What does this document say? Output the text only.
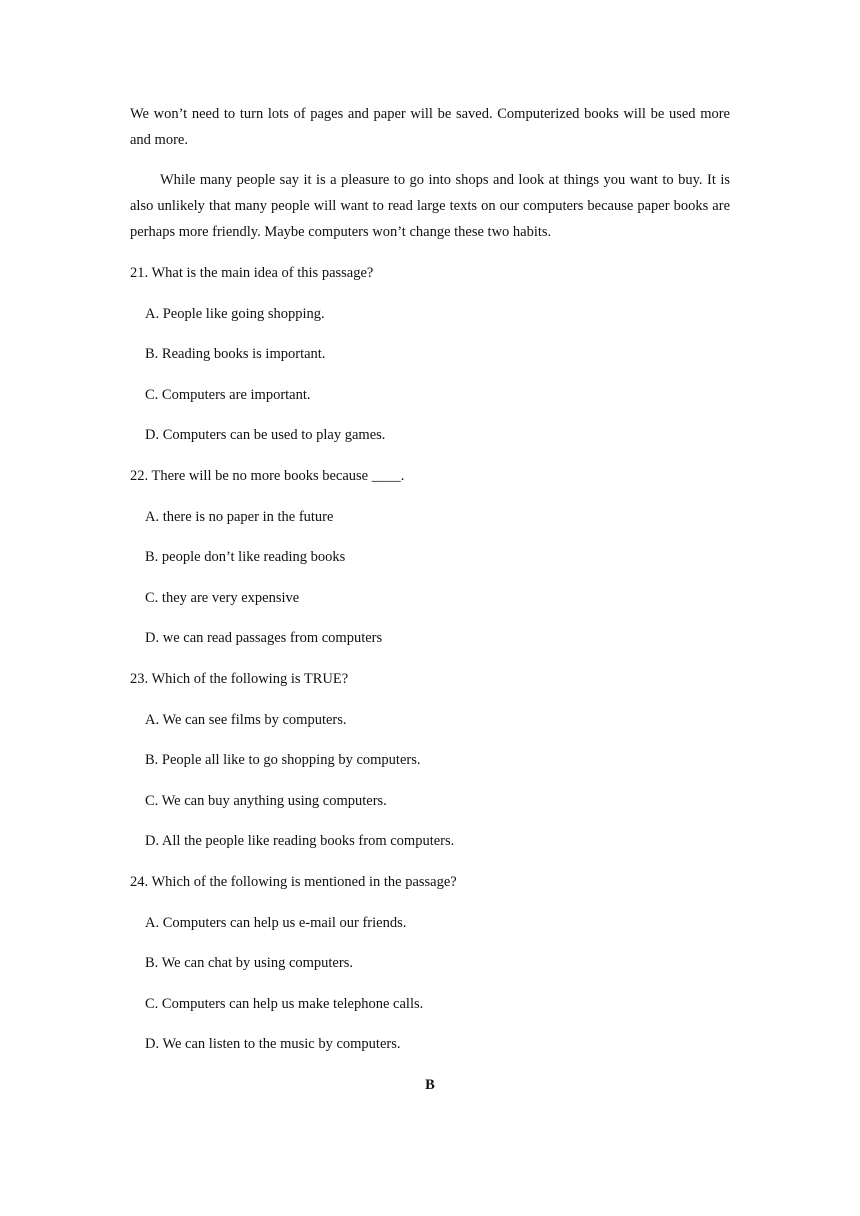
We won’t need to turn lots of pages and paper will be saved. Computerized books will be used more and more.

While many people say it is a pleasure to go into shops and look at things you want to buy. It is also unlikely that many people will want to read large texts on our computers because paper books are perhaps more friendly. Maybe computers won’t change these two habits.

21. What is the main idea of this passage?

A. People like going shopping.

B. Reading books is important.

C. Computers are important.

D. Computers can be used to play games.

22. There will be no more books because ____.

A. there is no paper in the future

B. people don’t like reading books

C. they are very expensive

D. we can read passages from computers

23. Which of the following is TRUE?

A. We can see films by computers.

B. People all like to go shopping by computers.

C. We can buy anything using computers.

D. All the people like reading books from computers.

24. Which of the following is mentioned in the passage?

A. Computers can help us e-mail our friends.

B. We can chat by using computers.

C. Computers can help us make telephone calls.

D. We can listen to the music by computers.

B
